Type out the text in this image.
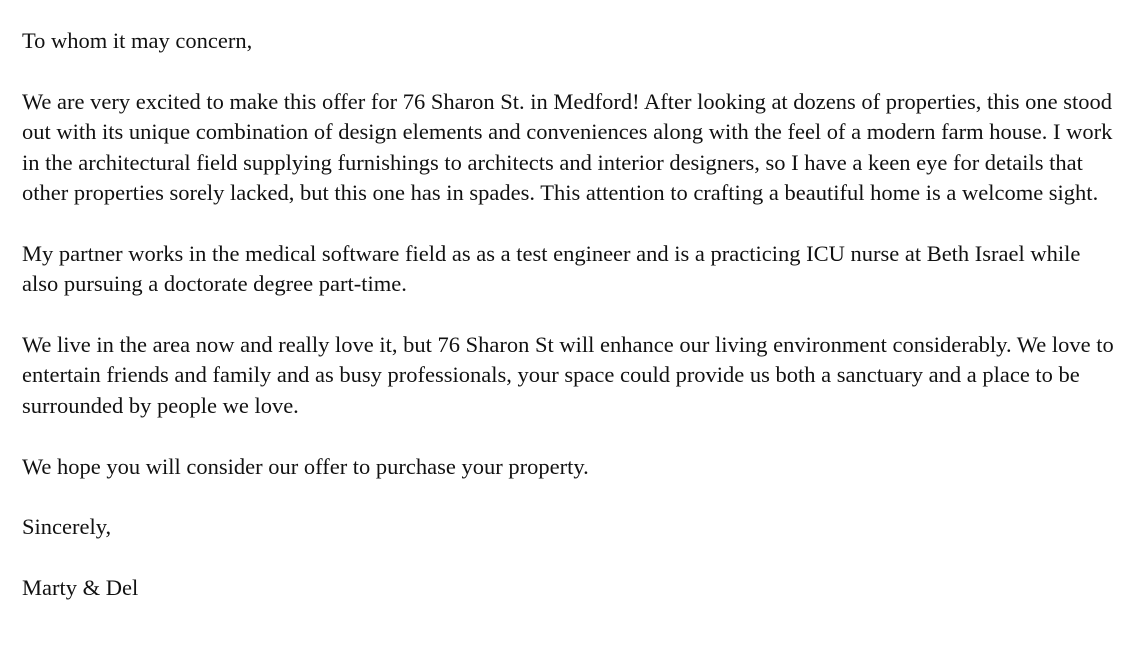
To whom it may concern,

We are very excited to make this offer for 76 Sharon St. in Medford! After looking at dozens of properties, this one stood out with its unique combination of design elements and conveniences along with the feel of a modern farm house. I work in the architectural field supplying furnishings to architects and interior designers, so I have a keen eye for details that other properties sorely lacked, but this one has in spades. This attention to crafting a beautiful home is a welcome sight.

My partner works in the medical software field as as a test engineer and is a practicing ICU nurse at Beth Israel while also pursuing a doctorate degree part-time.

We live in the area now and really love it, but 76 Sharon St will enhance our living environment considerably. We love to entertain friends and family and as busy professionals, your space could provide us both a sanctuary and a place to be surrounded by people we love.

We hope you will consider our offer to purchase your property.

Sincerely,

Marty & Del
